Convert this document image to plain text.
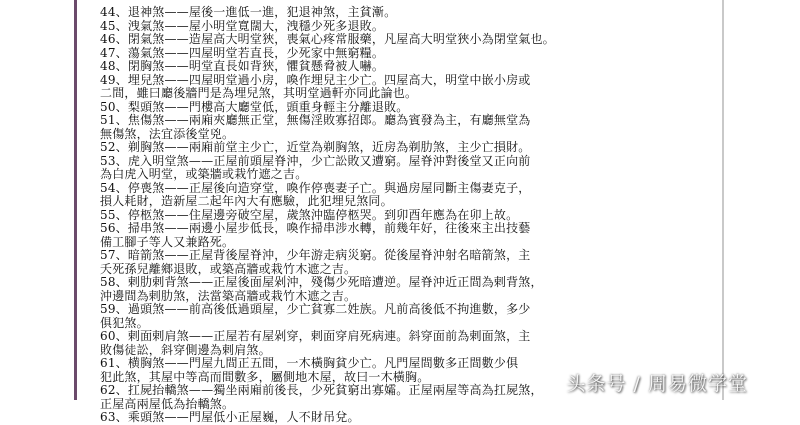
44、退神煞——屋後一進低一進，犯退神煞，主貧漸。
45、洩氣煞——屋小明堂寬闊大，洩穩少死多退敗。
46、閉氣煞——造屋高大明堂狹，喪氣心疼常服藥，凡屋高大明堂狹小為閉堂氣也。
47、蕩氣煞——四屋明堂若直長，少死家中無窮糧。
48、閉胸煞——明堂直長如背狹，懼貧懸脅被人嚇。
49、埋兒煞——四屋明堂過小房，喚作埋兒主少亡。四屋高大，明堂中嵌小房或
二間，雖曰廳後牆門是為埋兒煞，其明堂過軒亦同此論也。
50、梨頭煞——門樓高大廳堂低，頭重身輕主分離退敗。
51、焦傷煞——兩廂夾廳無正堂，無傷淫敗寡招郎。廳為賓發為主，有廳無堂為
無傷煞，法宜添後堂兇。
52、剃胸煞——兩廂前堂主少亡，近堂為剃胸煞，近房為剃肋煞，主少亡損財。
53、虎入明堂煞——正屋前頭屋脊沖，少亡訟敗又遭窮。屋脊沖對後堂又正向前
為白虎入明堂，或築牆或栽竹遮之吉。
54、停喪煞——正屋後向造穿堂，喚作停喪妻子亡。與過房屋同斷主傷妻克子，
損人耗財，造新屋二起年內大有應驗，此犯埋兒煞同。
55、停柩煞——住屋邊旁破空屋，歲煞沖臨停柩哭。到卯酉年應為在卯上故。
56、掃串煞——兩邊小屋步低長，喚作掃串涉水轉，前幾年好，往後來主出技藝
備工腳子等人又兼路死。
57、暗箭煞——正屋背後屋脊沖，少年游走病災窮。從後屋脊沖射名暗箭煞，主
夭死孫兒離鄉退敗，或築高牆或栽竹木遮之吉。
58、剌肋剌背煞——正屋後面屋剁沖，殘傷少死暗遭逆。屋脊沖近正間為剌背煞，
沖邊間為剌肋煞，法當築高牆或栽竹木遮之吉。
59、過頭煞——前高後低過頭屋，少亡貧寡二姓族。凡前高後低不拘進數，多少
俱犯煞。
60、剌面剌肩煞——正屋若有屋剁穿，剌面穿肩死病連。斜穿面前為剌面煞，主
敗傷徒訟，斜穿側邊為剌肩煞。
61、横胸煞——門屋九間正五間，一木橫胸貧少亡。凡門屋間數多正間數少俱
犯此煞，其屋中等高而間數多，屬側地木屋，故曰一木橫胸。
62、扛屍抬轎煞——獨坐兩廂前後長，少死貧窮出寡孀。正屋兩屋等高為扛屍煞，
正屋高兩屋低為抬轎煞。
63、乘頭煞——門屋低小正屋巍，人不財吊兌。
头条号 / 周易微学堂
